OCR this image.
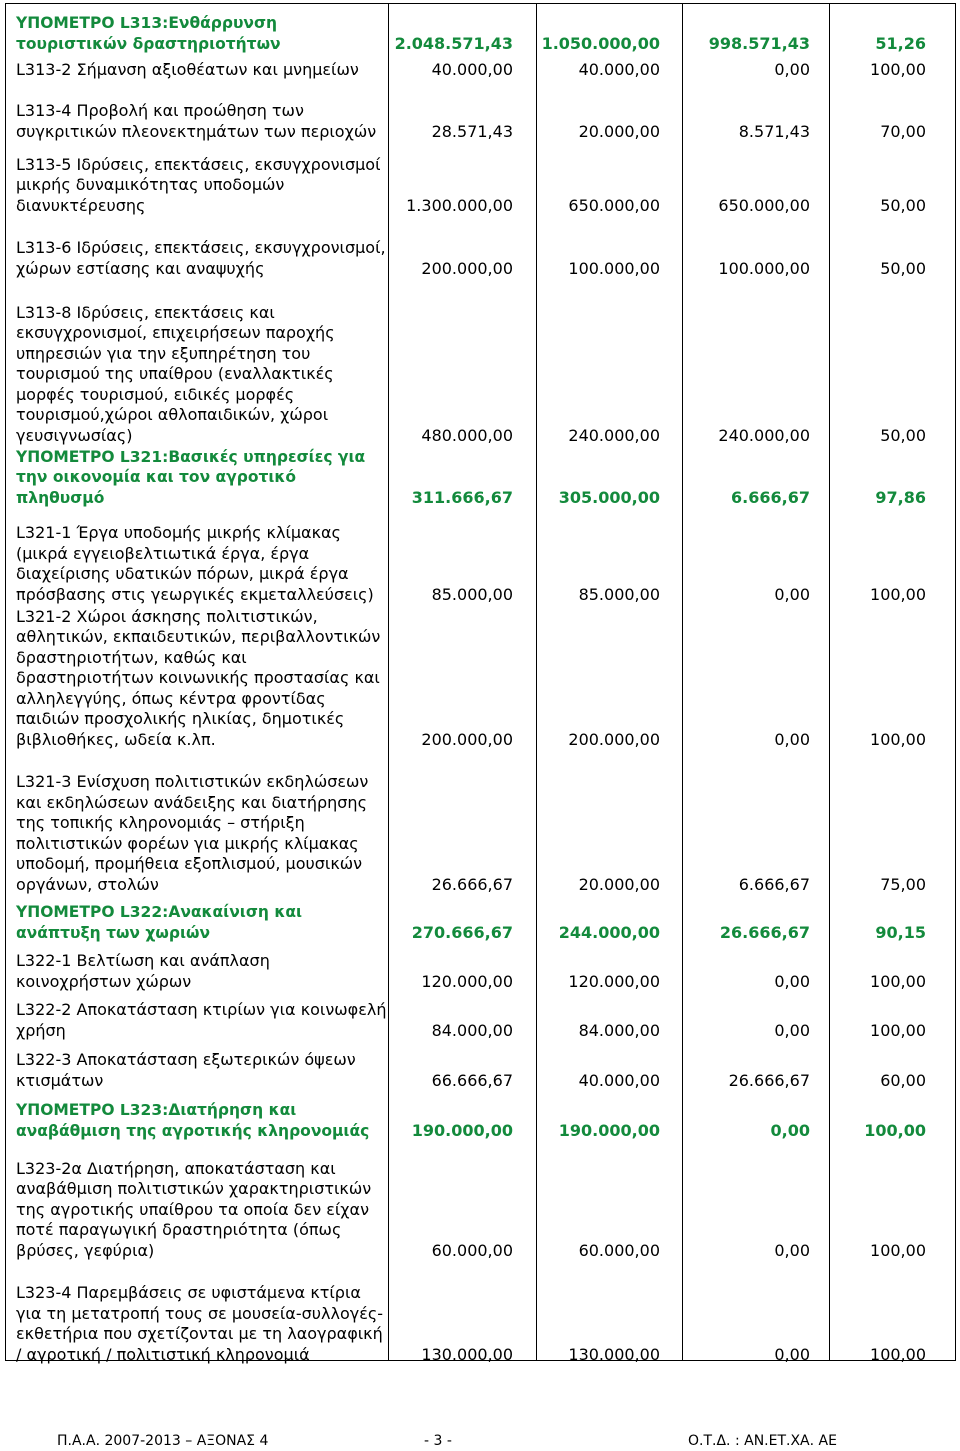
ΥΠΟΜΕΤΡΟ L313:Ενθάρρυνση τουριστικών δραστηριοτήτων	2.048.571,43 1.050.000,00	998.571,43	51,26
L313-2 Σήμανση αξιοθέατων και μνημείων	40.000,00	40.000,00	0,00	100,00
L313-4 Προβολή και προώθηση των συγκριτικών πλεονεκτημάτων των περιοχών	28.571,43	20.000,00	8.571,43	70,00
L313-5 Ιδρύσεις, επεκτάσεις, εκσυγχρονισμοί μικρής δυναμικότητας υποδομών διανυκτέρευσης	1.300.000,00	650.000,00	650.000,00	50,00
L313-6 Ιδρύσεις, επεκτάσεις, εκσυγχρονισμοί, χώρων εστίασης και αναψυχής	200.000,00	100.000,00	100.000,00	50,00
L313-8 Ιδρύσεις, επεκτάσεις και εκσυγχρονισμοί, επιχειρήσεων παροχής υπηρεσιών για την εξυπηρέτηση του τουρισμού της υπαίθρου (εναλλακτικές μορφές τουρισμού, ειδικές μορφές τουρισμού,χώροι αθλοπαιδικών, χώροι γευσιγνωσίας)	480.000,00	240.000,00	240.000,00	50,00
ΥΠΟΜΕΤΡΟ L321:Βασικές υπηρεσίες για την οικονομία και τον αγροτικό πληθυσμό	311.666,67	305.000,00	6.666,67	97,86
L321-1 Έργα υποδομής μικρής κλίμακας (μικρά εγγειοβελτιωτικά έργα, έργα διαχείρισης υδατικών πόρων, μικρά έργα πρόσβασης στις γεωργικές εκμεταλλεύσεις)	85.000,00	85.000,00	0,00	100,00
L321-2 Χώροι άσκησης πολιτιστικών, αθλητικών, εκπαιδευτικών, περιβαλλοντικών δραστηριοτήτων, καθώς και δραστηριοτήτων κοινωνικής προστασίας και αλληλεγγύης, όπως κέντρα φροντίδας παιδιών προσχολικής ηλικίας, δημοτικές βιβλιοθήκες, ωδεία κ.λπ.	200.000,00	200.000,00	0,00	100,00
L321-3 Ενίσχυση πολιτιστικών εκδηλώσεων και εκδηλώσεων ανάδειξης και διατήρησης της τοπικής κληρονομιάς – στήριξη πολιτιστικών φορέων για μικρής κλίμακας υποδομή, προμήθεια εξοπλισμού, μουσικών οργάνων, στολών	26.666,67	20.000,00	6.666,67	75,00
ΥΠΟΜΕΤΡΟ L322:Ανακαίνιση και ανάπτυξη των χωριών	270.666,67	244.000,00	26.666,67	90,15
L322-1 Βελτίωση και ανάπλαση κοινοχρήστων χώρων	120.000,00	120.000,00	0,00	100,00
L322-2 Αποκατάσταση κτιρίων για κοινωφελή χρήση	84.000,00	84.000,00	0,00	100,00
L322-3 Αποκατάσταση εξωτερικών όψεων κτισμάτων	66.666,67	40.000,00	26.666,67	60,00
ΥΠΟΜΕΤΡΟ L323:Διατήρηση και αναβάθμιση της αγροτικής κληρονομιάς	190.000,00	190.000,00	0,00	100,00
L323-2α Διατήρηση, αποκατάσταση και αναβάθμιση πολιτιστικών χαρακτηριστικών της αγροτικής υπαίθρου τα οποία δεν είχαν ποτέ παραγωγική δραστηριότητα (όπως βρύσες, γεφύρια)	60.000,00	60.000,00	0,00	100,00
L323-4 Παρεμβάσεις σε υφιστάμενα κτίρια για τη μετατροπή τους σε μουσεία-συλλογές-εκθετήρια που σχετίζονται με τη λαογραφική / αγροτική / πολιτιστική κληρονομιά	130.000,00	130.000,00	0,00	100,00
Π.Α.Α. 2007-2013 – ΑΞΟΝΑΣ 4	- 3 -	Ο.Τ.Δ. : ΑΝ.ΕΤ.ΧΑ. ΑΕ
